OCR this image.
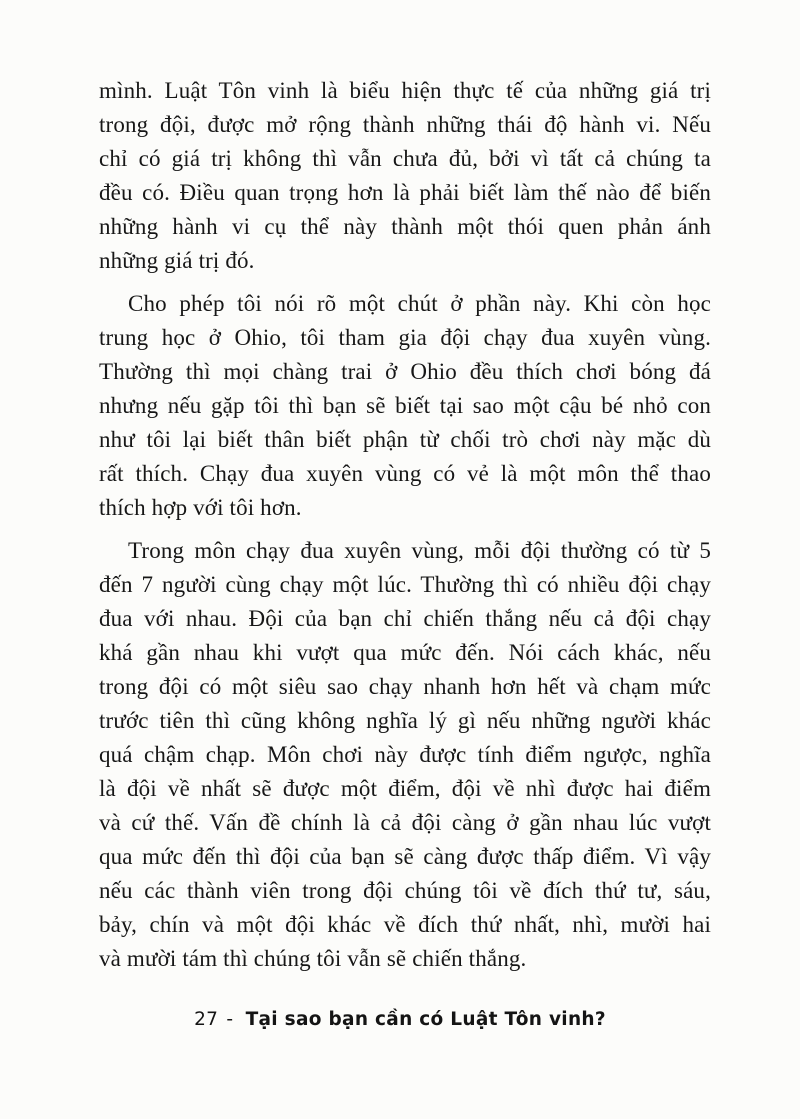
mình. Luật Tôn vinh là biểu hiện thực tế của những giá trị
trong đội, được mở rộng thành những thái độ hành vi. Nếu
chỉ có giá trị không thì vẫn chưa đủ, bởi vì tất cả chúng ta
đều có. Điều quan trọng hơn là phải biết làm thế nào để biến
những hành vi cụ thể này thành một thói quen phản ánh
những giá trị đó.
Cho phép tôi nói rõ một chút ở phần này. Khi còn học
trung học ở Ohio, tôi tham gia đội chạy đua xuyên vùng.
Thường thì mọi chàng trai ở Ohio đều thích chơi bóng đá
nhưng nếu gặp tôi thì bạn sẽ biết tại sao một cậu bé nhỏ con
như tôi lại biết thân biết phận từ chối trò chơi này mặc dù
rất thích. Chạy đua xuyên vùng có vẻ là một môn thể thao
thích hợp với tôi hơn.
Trong môn chạy đua xuyên vùng, mỗi đội thường có từ 5
đến 7 người cùng chạy một lúc. Thường thì có nhiều đội chạy
đua với nhau. Đội của bạn chỉ chiến thắng nếu cả đội chạy
khá gần nhau khi vượt qua mức đến. Nói cách khác, nếu
trong đội có một siêu sao chạy nhanh hơn hết và chạm mức
trước tiên thì cũng không nghĩa lý gì nếu những người khác
quá chậm chạp. Môn chơi này được tính điểm ngược, nghĩa
là đội về nhất sẽ được một điểm, đội về nhì được hai điểm
và cứ thế. Vấn đề chính là cả đội càng ở gần nhau lúc vượt
qua mức đến thì đội của bạn sẽ càng được thấp điểm. Vì vậy
nếu các thành viên trong đội chúng tôi về đích thứ tư, sáu,
bảy, chín và một đội khác về đích thứ nhất, nhì, mười hai
và mười tám thì chúng tôi vẫn sẽ chiến thắng.
27 - Tại sao bạn cần có Luật Tôn vinh?
